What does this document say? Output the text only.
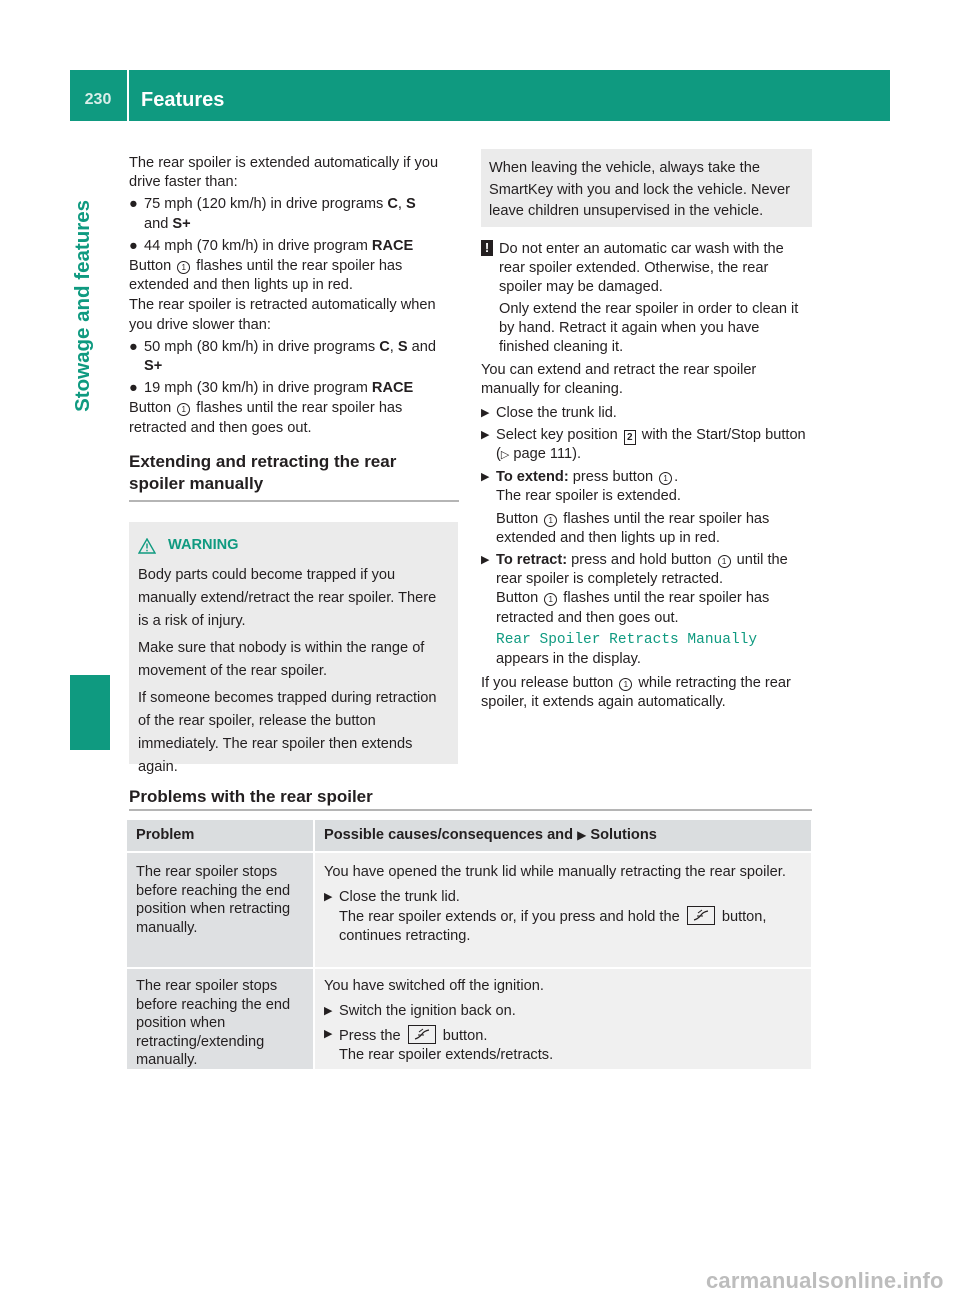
230	Features
Stowage and features

The rear spoiler is extended automatically if you drive faster than:

● 75 mph (120 km/h) in drive programs C, S
and S+
● 44 mph (70 km/h) in drive program RACE

Button 1 flashes until the rear spoiler has extended and then lights up in red.

The rear spoiler is retracted automatically when you drive slower than:

● 50 mph (80 km/h) in drive programs C, S and
S+
● 19 mph (30 km/h) in drive program RACE

Button 1 flashes until the rear spoiler has retracted and then goes out.

Extending and retracting the rear
spoiler manually
WARNING

Body parts could become trapped if you manually extend/retract the rear spoiler. There is a risk of injury.

Make sure that nobody is within the range of movement of the rear spoiler.

If someone becomes trapped during retraction of the rear spoiler, release the button immediately. The rear spoiler then extends again.

When leaving the vehicle, always take the SmartKey with you and lock the vehicle. Never leave children unsupervised in the vehicle.

! Do not enter an automatic car wash with the rear spoiler extended. Otherwise, the rear spoiler may be damaged.

Only extend the rear spoiler in order to clean it by hand. Retract it again when you have finished cleaning it.

You can extend and retract the rear spoiler manually for cleaning.

▶ Close the trunk lid.
▶ Select key position 2 with the Start/Stop button (▷ page 111).
▶ To extend: press button 1 .
The rear spoiler is extended.
Button 1 flashes until the rear spoiler has extended and then lights up in red.
▶ To retract: press and hold button 1 until the rear spoiler is completely retracted.
Button 1 flashes until the rear spoiler has retracted and then goes out.
Rear Spoiler Retracts Manually
appears in the display.

If you release button 1 while retracting the rear spoiler, it extends again automatically.

Problems with the rear spoiler
Problem	Possible causes/consequences and ▶ Solutions
The rear spoiler stops before reaching the end position when retracting manually.

You have opened the trunk lid while manually retracting the rear spoiler.

▶ Close the trunk lid.
The rear spoiler extends or, if you press and hold the
button, continues retracting.
The rear spoiler stops before reaching the end position when retracting/extending manually.

You have switched off the ignition.

▶ Switch the ignition back on.
▶ Press the
button.
The rear spoiler extends/retracts.
carmanualsonline.info
